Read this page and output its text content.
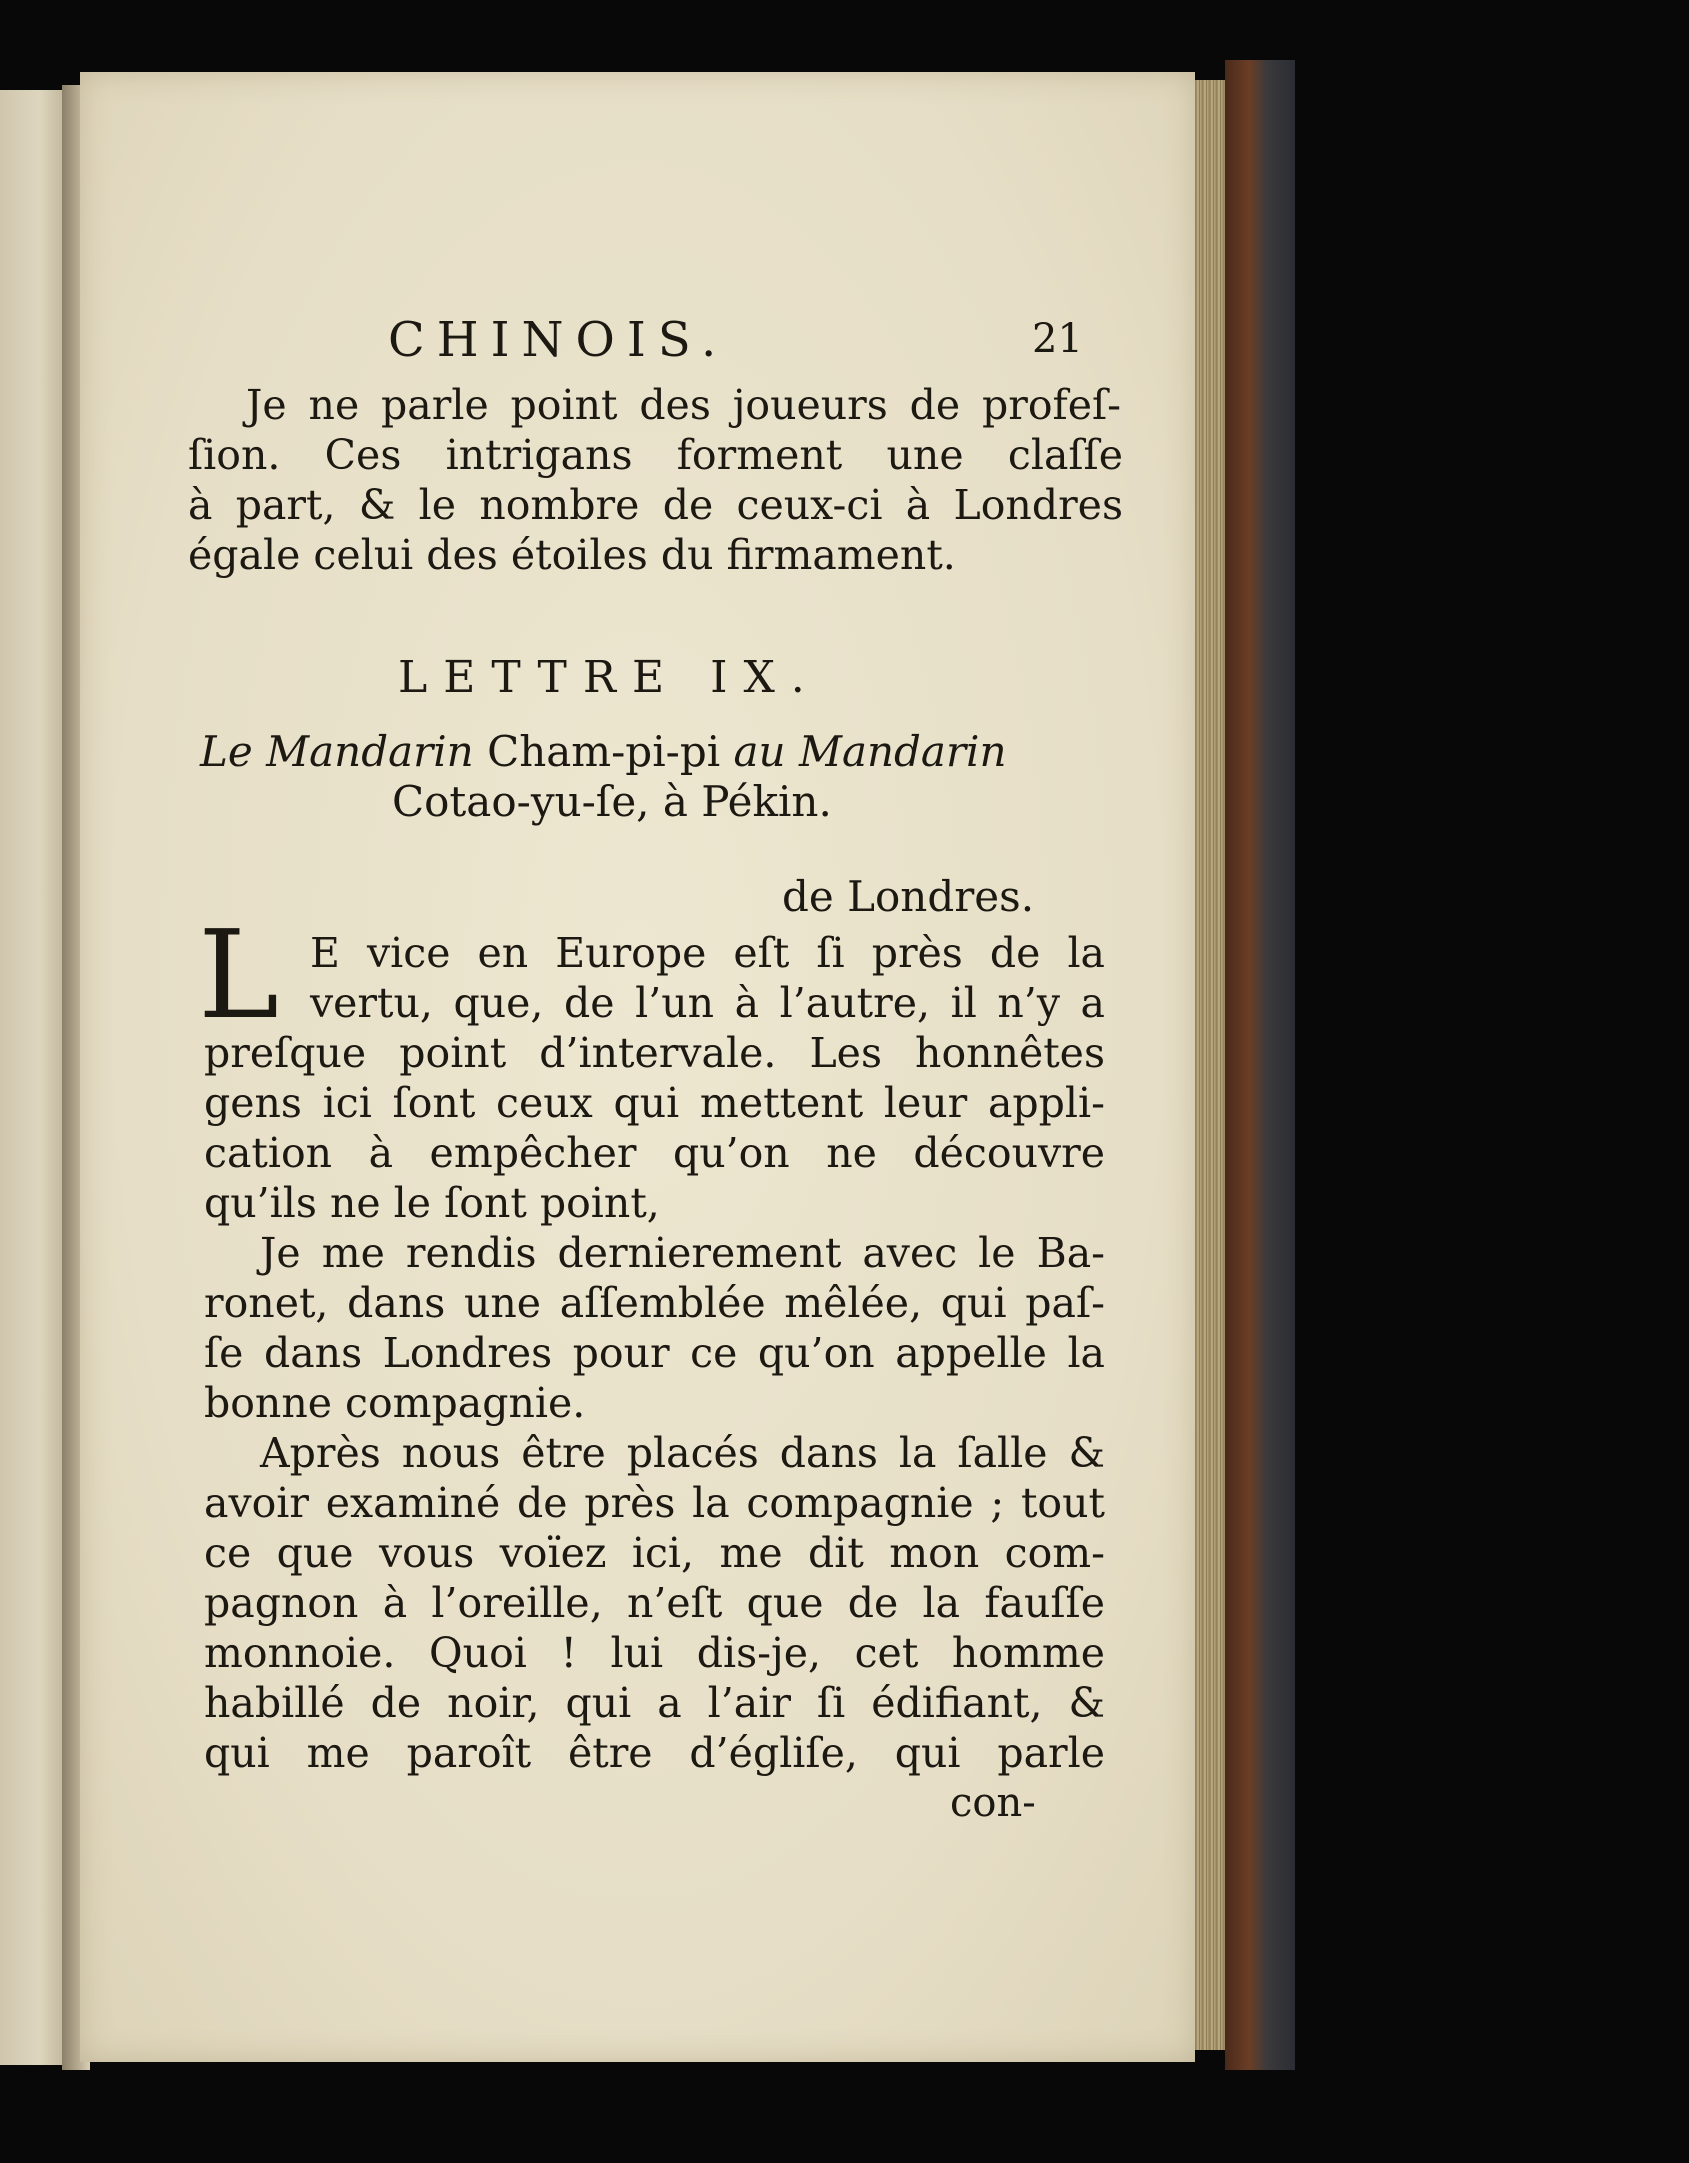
CHINOIS.	21

Je ne parle point des joueurs de profeſ-

ſion. Ces intrigans forment une claſſe

à part, & le nombre de ceux-ci à Londres

égale celui des étoiles du firmament.

LETTRE IX.

Le Mandarin Cham-pi-pi au Mandarin

Cotao-yu-ſe, à Pékin.

de Londres.

L E vice en Europe eſt ſi près de la

vertu, que, de l’un à l’autre, il n’y a

preſque point d’intervale. Les honnêtes

gens ici ſont ceux qui mettent leur appli-

cation à empêcher qu’on ne découvre

qu’ils ne le ſont point,

Je me rendis dernierement avec le Ba-

ronet, dans une aſſemblée mêlée, qui paſ-

ſe dans Londres pour ce qu’on appelle la

bonne compagnie.

Après nous être placés dans la ſalle &

avoir examiné de près la compagnie ; tout

ce que vous voïez ici, me dit mon com-

pagnon à l’oreille, n’eſt que de la fauſſe

monnoie. Quoi ! lui dis-je, cet homme

habillé de noir, qui a l’air ſi édifiant, &

qui me paroît être d’égliſe, qui parle

con-
